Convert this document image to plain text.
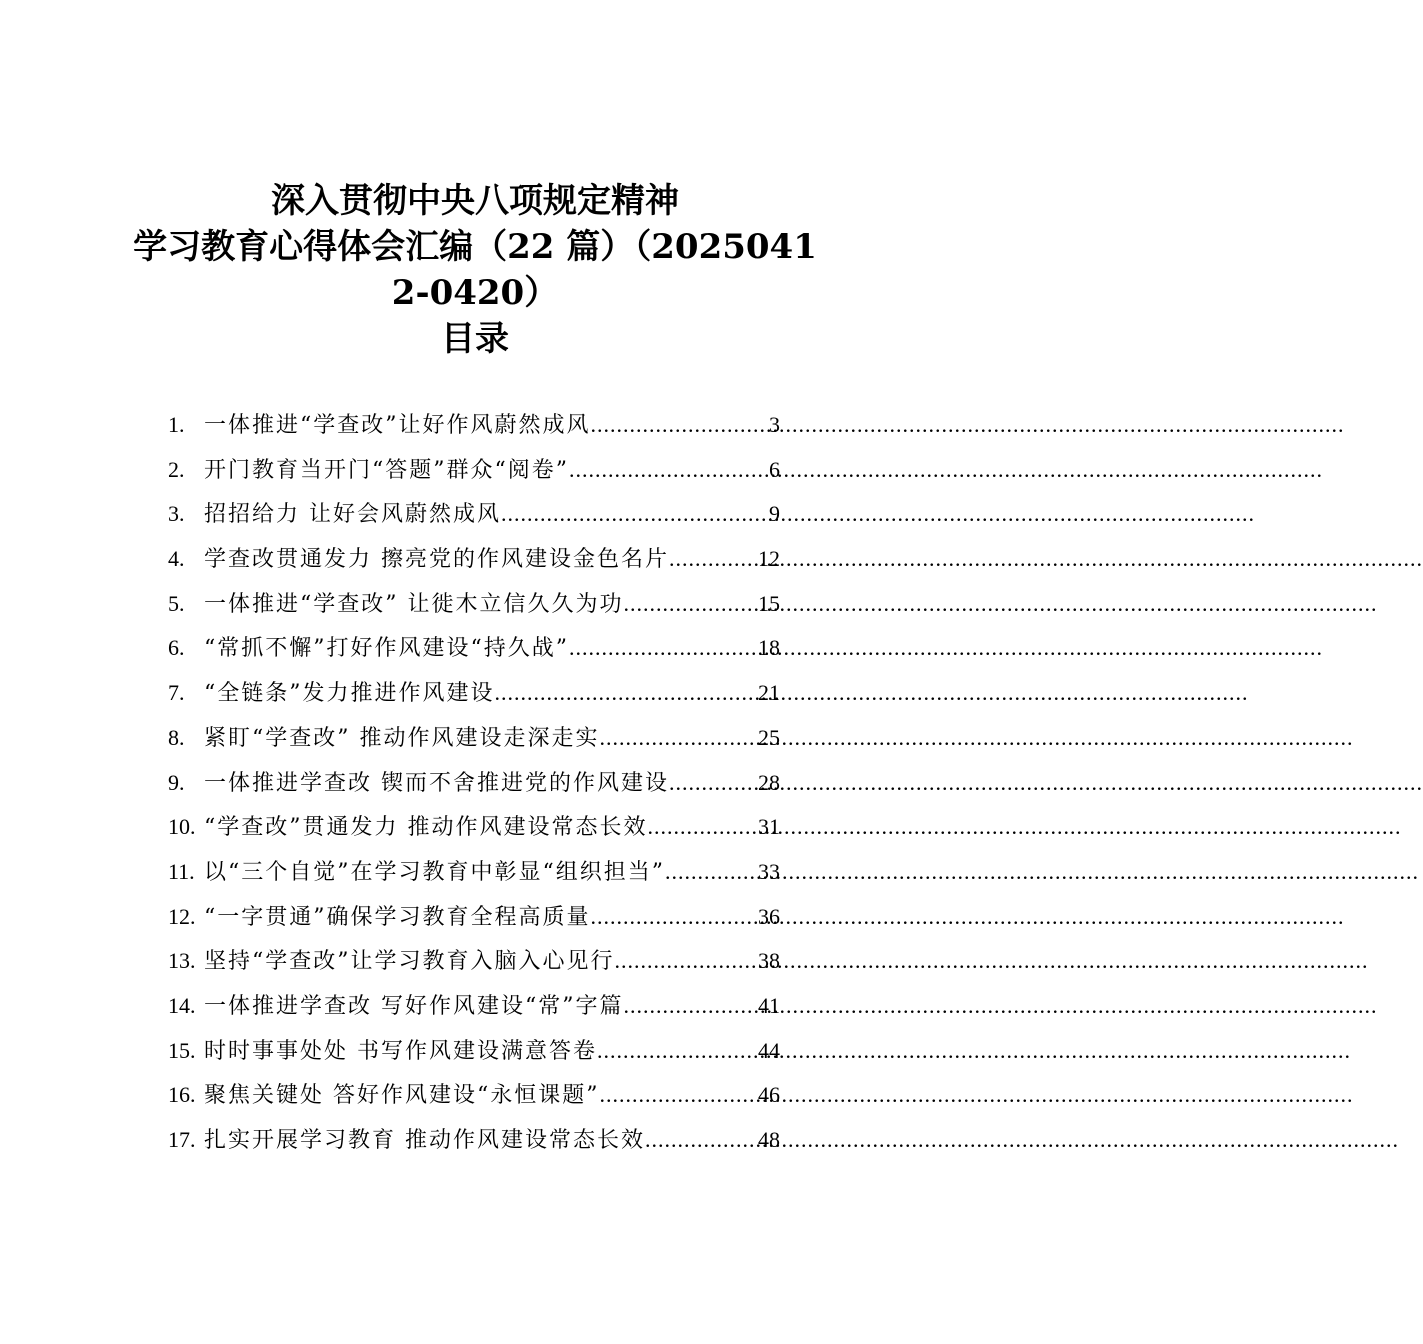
深入贯彻中央八项规定精神
学习教育心得体会汇编（22 篇）（2025041
2-0420）
目录
1. 一体推进“学查改”让好作风蔚然成风 .....	3
2. 开门教育当开门“答题”群众“阅卷” .....	6
3. 招招给力 让好会风蔚然成风 .....	9
4. 学查改贯通发力 擦亮党的作风建设金色名片 .....	12
5. 一体推进“学查改” 让徙木立信久久为功 .....	15
6. “常抓不懈”打好作风建设“持久战” .....	18
7. “全链条”发力推进作风建设 .....	21
8. 紧盯“学查改” 推动作风建设走深走实 .....	25
9. 一体推进学查改 锲而不舍推进党的作风建设 .....	28
10. “学查改”贯通发力 推动作风建设常态长效 .....	31
11. 以“三个自觉”在学习教育中彰显“组织担当” .....	33
12. “一字贯通”确保学习教育全程高质量 .....	36
13. 坚持“学查改”让学习教育入脑入心见行 .....	38
14. 一体推进学查改 写好作风建设“常”字篇 .....	41
15. 时时事事处处 书写作风建设满意答卷 .....	44
16. 聚焦关键处 答好作风建设“永恒课题” .....	46
17. 扎实开展学习教育 推动作风建设常态长效 .....	48
